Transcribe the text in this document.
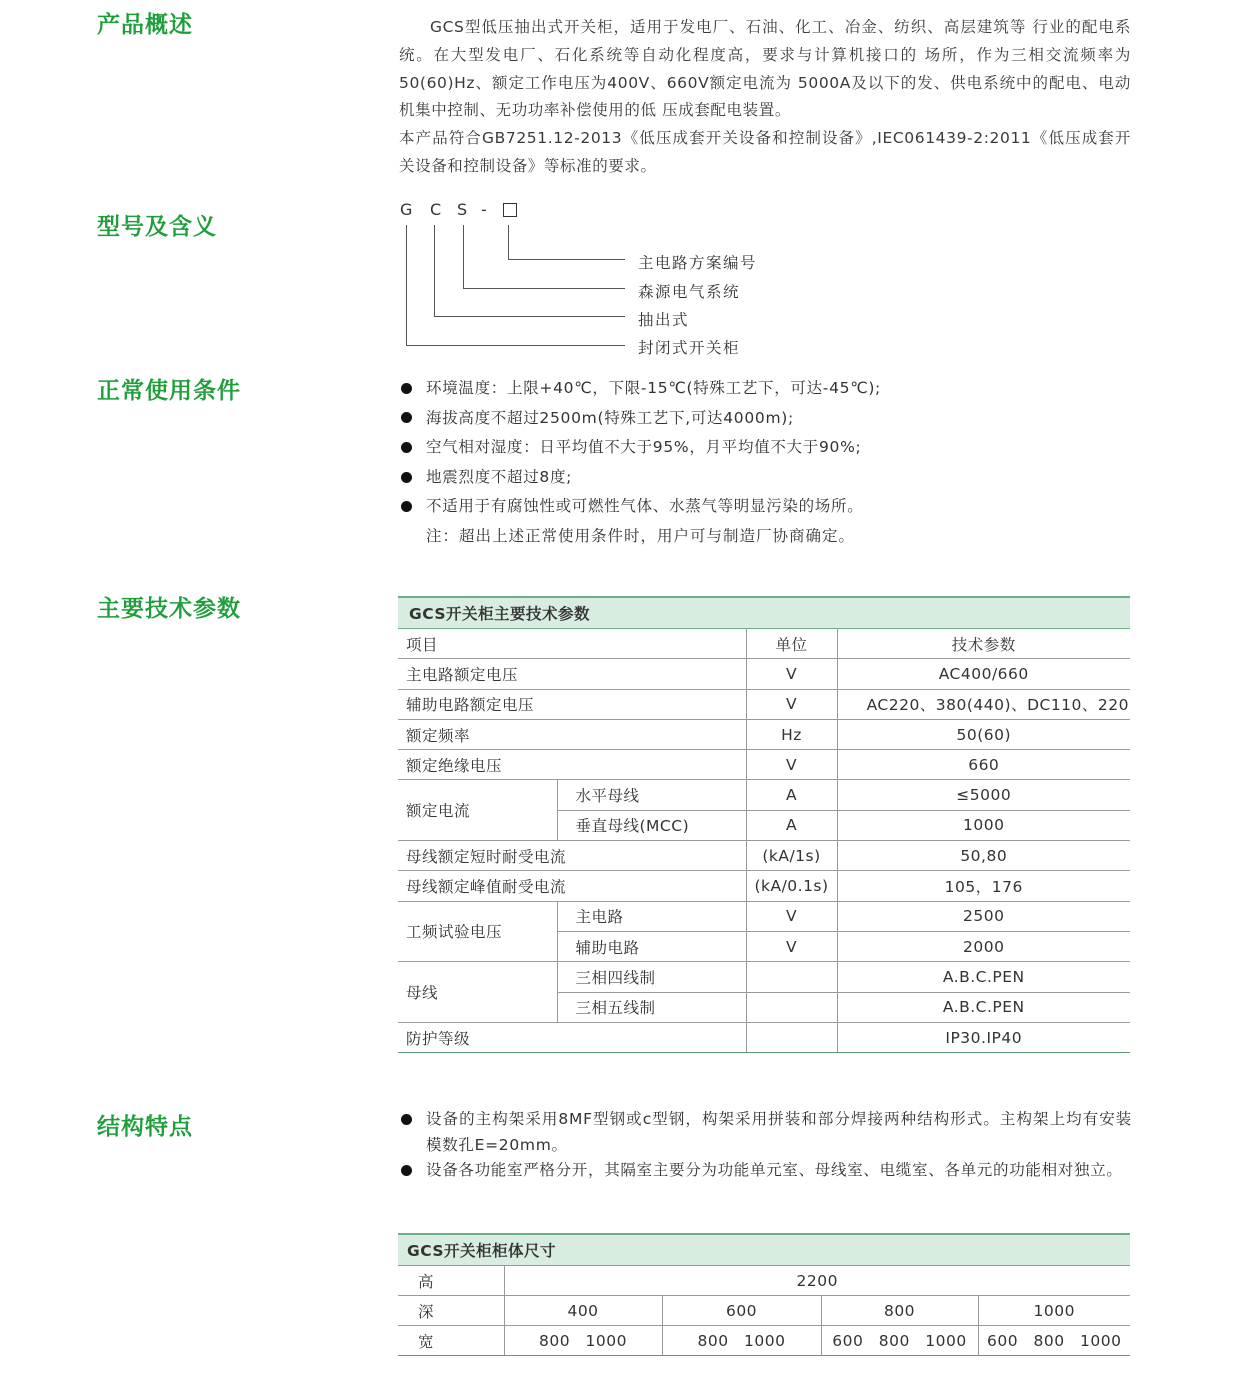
产品概述
型号及含义
正常使用条件
主要技术参数
结构特点

GCS型低压抽出式开关柜，适用于发电厂、石油、化工、冶金、纺织、高层建筑等 行业的配电系统。在大型发电厂、石化系统等自动化程度高，要求与计算机接口的 场所，作为三相交流频率为50(60)Hz、额定工作电压为400V、660V额定电流为 5000A及以下的发、供电系统中的配电、电动机集中控制、无功功率补偿使用的低 压成套配电装置。

本产品符合GB7251.12-2013《低压成套开关设备和控制设备》,IEC061439-2:2011《低压成套开关设备和控制设备》等标准的要求。

G C S -
主电路方案编号
森源电气系统
抽出式
封闭式开关柜
环境温度：上限+40℃，下限-15℃(特殊工艺下，可达-45℃);
海拔高度不超过2500m(特殊工艺下,可达4000m);
空气相对湿度：日平均值不大于95%，月平均值不大于90%;
地震烈度不超过8度;
不适用于有腐蚀性或可燃性气体、水蒸气等明显污染的场所。
注：超出上述正常使用条件时，用户可与制造厂协商确定。
GCS开关柜主要技术参数			
项目		单位	技术参数
主电路额定电压		V	AC400/660
辅助电路额定电压		V	AC220、380(440)、DC110、220
额定频率		Hz	50(60)
额定绝缘电压		V	660
额定电流	水平母线	A	≤5000
	垂直母线(MCC)	A	1000
母线额定短时耐受电流		(kA/1s)	50,80
母线额定峰值耐受电流		(kA/0.1s)	105，176
工频试验电压	主电路	V	2500
	辅助电路	V	2000
母线	三相四线制		A.B.C.PEN
	三相五线制		A.B.C.PEN
防护等级			IP30.IP40
设备的主构架采用8MF型钢或c型钢，构架采用拼装和部分焊接两种结构形式。主构架上均有安装模数孔E=20mm。
设备各功能室严格分开，其隔室主要分为功能单元室、母线室、电缆室、各单元的功能相对独立。
GCS开关柜柜体尺寸				
高	2200			
深	400	600	800	1000
宽	800 1000	800 1000	600 800 1000	600 800 1000
